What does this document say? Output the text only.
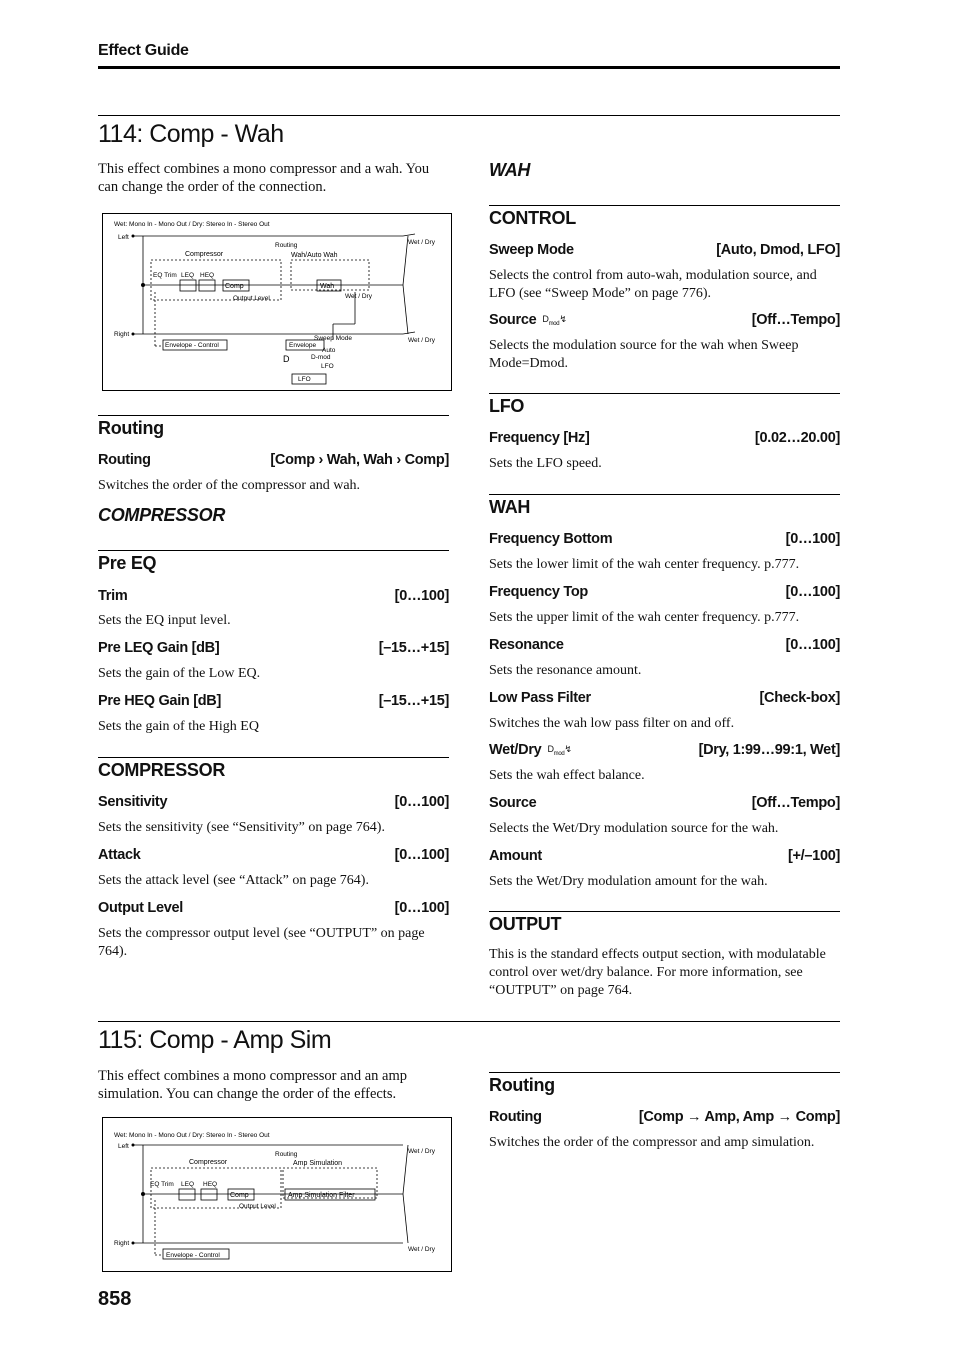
Effect Guide
114: Comp - Wah
This effect combines a mono compressor and a wah. You can change the order of the connection.
Wet: Mono In - Mono Out / Dry: Stereo In - Stereo Out
Left
Right
Compressor
Routing
Wah/Auto Wah
EQ Trim LEQ HEQ
Output Level
Wet / Dry
Wet / Dry
Wet / Dry
Envelope - Control
Sweep Mode
Envelope
Auto
D-mod
LFO
LFO
D
Comp	Wah
Routing
Routing	[Comp › Wah, Wah › Comp]
Switches the order of the compressor and wah.
COMPRESSOR
Pre EQ
Trim	[0…100]
Sets the EQ input level.
Pre LEQ Gain [dB]	[–15…+15]
Sets the gain of the Low EQ.
Pre HEQ Gain [dB]	[–15…+15]
Sets the gain of the High EQ
COMPRESSOR
Sensitivity	[0…100]
Sets the sensitivity (see “Sensitivity” on page 764).
Attack	[0…100]
Sets the attack level (see “Attack” on page 764).
Output Level	[0…100]
Sets the compressor output level (see “OUTPUT” on page 764).
WAH
CONTROL
Sweep Mode	[Auto, Dmod, LFO]
Selects the control from auto-wah, modulation source, and LFO (see “Sweep Mode” on page 776).
Source $D_{mod}↯$	[Off…Tempo]
Selects the modulation source for the wah when Sweep Mode=Dmod.
LFO
Frequency [Hz]	[0.02…20.00]
Sets the LFO speed.
WAH
Frequency Bottom	[0…100]
Sets the lower limit of the wah center frequency. p.777.
Frequency Top	[0…100]
Sets the upper limit of the wah center frequency. p.777.
Resonance	[0…100]
Sets the resonance amount.
Low Pass Filter	[Check-box]
Switches the wah low pass filter on and off.
Wet/Dry $D_{mod}↯$	[Dry, 1:99…99:1, Wet]
Sets the wah effect balance.
Source	[Off…Tempo]
Selects the Wet/Dry modulation source for the wah.
Amount	[+/–100]
Sets the Wet/Dry modulation amount for the wah.
OUTPUT
This is the standard effects output section, with modulatable control over wet/dry balance. For more information, see “OUTPUT” on page 764.
115: Comp - Amp Sim
This effect combines a mono compressor and an amp simulation. You can change the order of the effects.
Wet: Mono In - Mono Out / Dry: Stereo In - Stereo Out
Left
Right
Compressor
Routing
Amp Simulation
EQ Trim LEQ HEQ
Output Level
Wet / Dry
Wet / Dry
Envelope - Control
Comp	Amp Simulation Filter
Routing
Routing	[Comp → Amp, Amp → Comp]
Switches the order of the compressor and amp simulation.
858
